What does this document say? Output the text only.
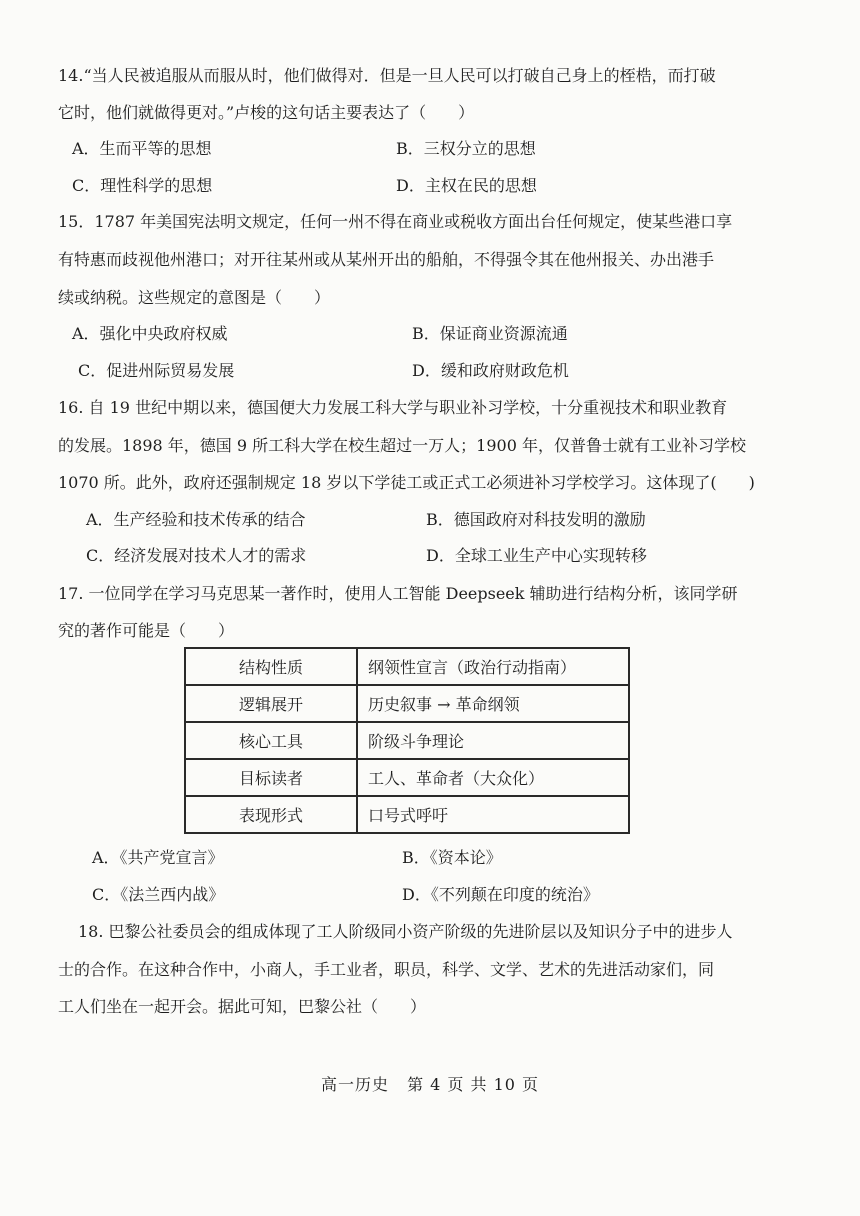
14.“当人民被追服从而服从时，他们做得对．但是一旦人民可以打破自己身上的桎梏，而打破
它时，他们就做得更对。”卢梭的这句话主要表达了（　　）
A．生而平等的思想	B．三权分立的思想
C．理性科学的思想	D．主权在民的思想
15．1787 年美国宪法明文规定，任何一州不得在商业或税收方面出台任何规定，使某些港口享
有特惠而歧视他州港口；对开往某州或从某州开出的船舶，不得强令其在他州报关、办出港手
续或纳税。这些规定的意图是（　　）
A．强化中央政府权威	B．保证商业资源流通
C．促进州际贸易发展	D．缓和政府财政危机
16. 自 19 世纪中期以来，德国便大力发展工科大学与职业补习学校，十分重视技术和职业教育
的发展。1898 年，德国 9 所工科大学在校生超过一万人；1900 年，仅普鲁士就有工业补习学校
1070 所。此外，政府还强制规定 18 岁以下学徒工或正式工必须进补习学校学习。这体现了(　　)
A．生产经验和技术传承的结合	B．德国政府对科技发明的激励
C．经济发展对技术人才的需求	D．全球工业生产中心实现转移
17. 一位同学在学习马克思某一著作时，使用人工智能 Deepseek 辅助进行结构分析，该同学研
究的著作可能是（　　）
结构性质	纲领性宣言（政治行动指南）
逻辑展开	历史叙事 → 革命纲领
核心工具	阶级斗争理论
目标读者	工人、革命者（大众化）
表现形式	口号式呼吁
A．《共产党宣言》	B．《资本论》
C．《法兰西内战》	D．《不列颠在印度的统治》
18. 巴黎公社委员会的组成体现了工人阶级同小资产阶级的先进阶层以及知识分子中的进步人
士的合作。在这种合作中，小商人，手工业者，职员，科学、文学、艺术的先进活动家们，同
工人们坐在一起开会。据此可知，巴黎公社（　　）
高一历史 第 4 页 共 10 页
